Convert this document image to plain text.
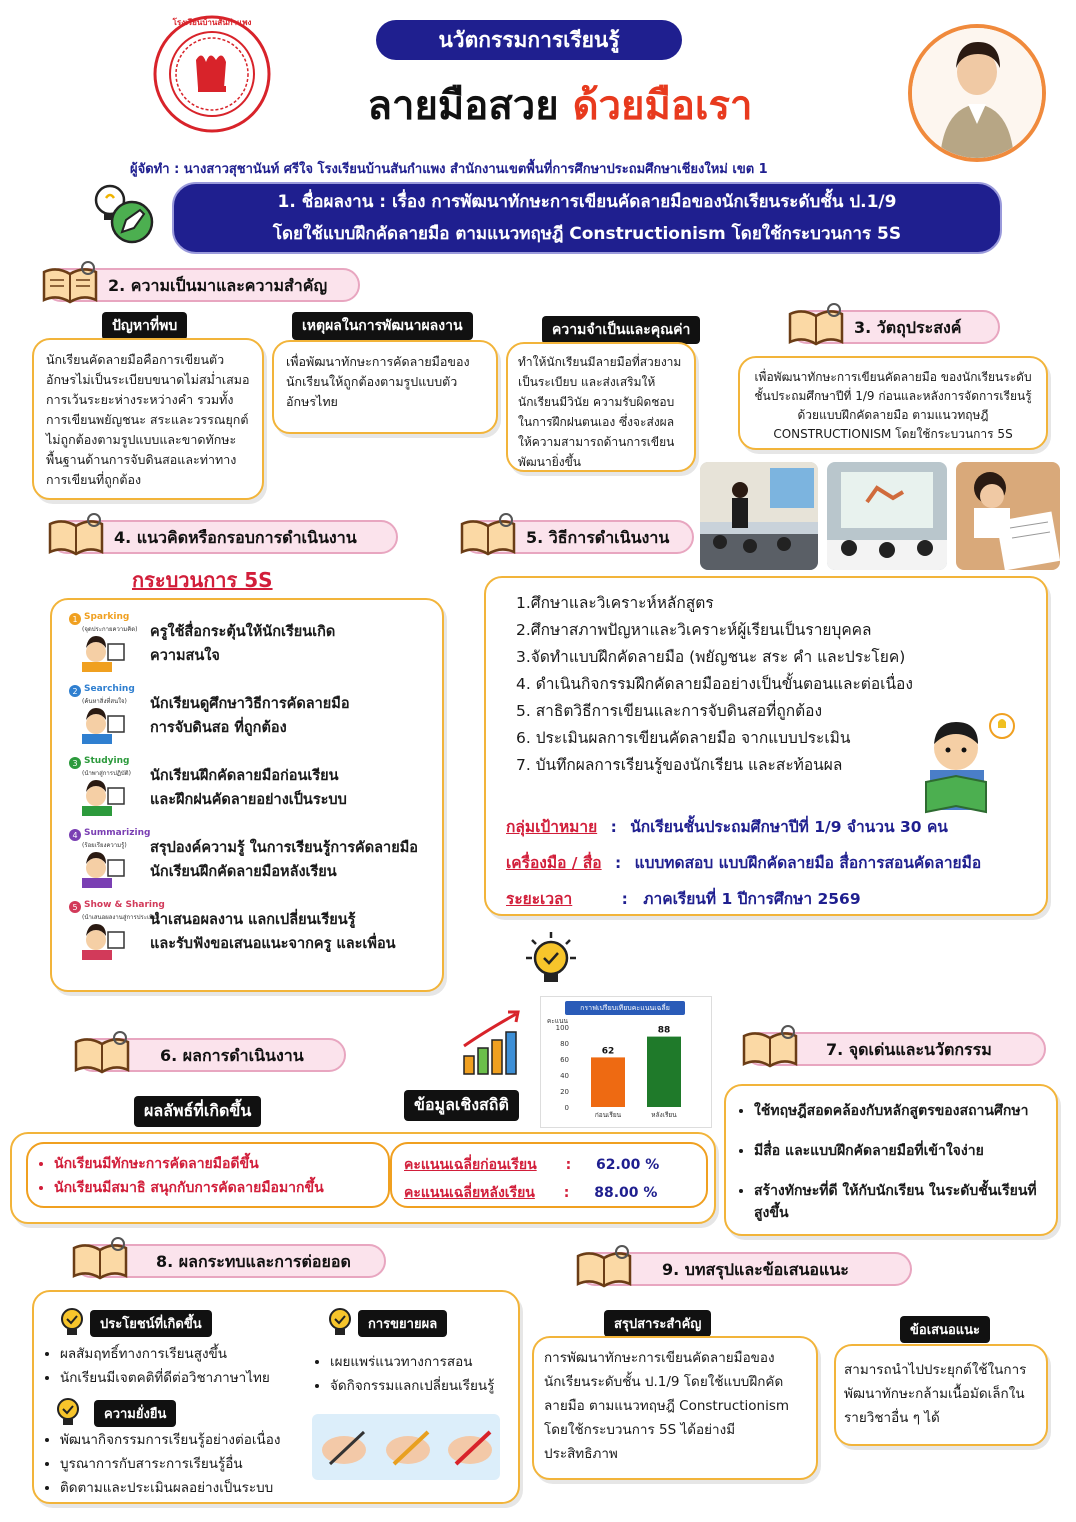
โรงเรียนบ้านสันกำแพง
นวัตกรรมการเรียนรู้
ลายมือสวย ด้วยมือเรา
ผู้จัดทำ : นางสาวสุชานันท์ ศรีใจ โรงเรียนบ้านสันกำแพง สำนักงานเขตพื้นที่การศึกษาประถมศึกษาเชียงใหม่ เขต 1
1. ชื่อผลงาน : เรื่อง การพัฒนาทักษะการเขียนคัดลายมือของนักเรียนระดับชั้น ป.1/9
โดยใช้แบบฝึกคัดลายมือ ตามแนวทฤษฎี Constructionism โดยใช้กระบวนการ 5S
2. ความเป็นมาและความสำคัญ
ปัญหาที่พบ
นักเรียนคัดลายมือคือการเขียนตัวอักษรไม่เป็นระเบียบขนาดไม่สม่ำเสมอ การเว้นระยะห่างระหว่างคำ รวมทั้งการเขียนพยัญชนะ สระและวรรณยุกต์ไม่ถูกต้องตามรูปแบบและขาดทักษะพื้นฐานด้านการจับดินสอและท่าทางการเขียนที่ถูกต้อง
เหตุผลในการพัฒนาผลงาน
เพื่อพัฒนาทักษะการคัดลายมือของนักเรียนให้ถูกต้องตามรูปแบบตัวอักษรไทย
ความจำเป็นและคุณค่า
ทำให้นักเรียนมีลายมือที่สวยงาม เป็นระเบียบ และส่งเสริมให้นักเรียนมีวินัย ความรับผิดชอบในการฝึกฝนตนเอง ซึ่งจะส่งผลให้ความสามารถด้านการเขียนพัฒนายิ่งขึ้น
3. วัตถุประสงค์
เพื่อพัฒนาทักษะการเขียนคัดลายมือ ของนักเรียนระดับชั้นประถมศึกษาปีที่ 1/9 ก่อนและหลังการจัดการเรียนรู้ด้วยแบบฝึกคัดลายมือ ตามแนวทฤษฎี CONSTRUCTIONISM โดยใช้กระบวนการ 5S
4. แนวคิดหรือกรอบการดำเนินงาน
กระบวนการ 5S
1 Sparking
(จุดประกายความคิด) ครูใช้สื่อกระตุ้นให้นักเรียนเกิด
ความสนใจ
2 Searching
(ค้นหาสิ่งที่สนใจ) นักเรียนดูศึกษาวิธีการคัดลายมือ
การจับดินสอ ที่ถูกต้อง
3 Studying
(นำพาสู่การปฏิบัติ) นักเรียนฝึกคัดลายมือก่อนเรียน
และฝึกฝนคัดลายอย่างเป็นระบบ
4 Summarizing
(ร้อยเรียงความรู้) สรุปองค์ความรู้ ในการเรียนรู้การคัดลายมือ
นักเรียนฝึกคัดลายมือหลังเรียน
5 Show & Sharing
(นำเสนอผลงานสู่การประเมิน)
นำเสนอผลงาน แลกเปลี่ยนเรียนรู้
และรับฟังขอเสนอแนะจากครู และเพื่อน
5. วิธีการดำเนินงาน
1.ศึกษาและวิเคราะห์หลักสูตร
2.ศึกษาสภาพปัญหาและวิเคราะห์ผู้เรียนเป็นรายบุคคล
3.จัดทำแบบฝึกคัดลายมือ (พยัญชนะ สระ คำ และประโยค)
4. ดำเนินกิจกรรมฝึกคัดลายมืออย่างเป็นขั้นตอนและต่อเนื่อง
5. สาธิตวิธีการเขียนและการจับดินสอที่ถูกต้อง
6. ประเมินผลการเขียนคัดลายมือ จากแบบประเมิน
7. บันทึกผลการเรียนรู้ของนักเรียน และสะท้อนผล
กลุ่มเป้าหมาย : นักเรียนชั้นประถมศึกษาปีที่ 1/9 จำนวน 30 คน
เครื่องมือ / สื่อ : แบบทดสอบ แบบฝึกคัดลายมือ สื่อการสอนคัดลายมือ
ระยะเวลา	: ภาคเรียนที่ 1 ปีการศึกษา 2569
6. ผลการดำเนินงาน
กราฟเปรียบเทียบคะแนนเฉลี่ย
คะแนน
0
20
40
60
80
100
62
ก่อนเรียน
88
หลังเรียน
ผลลัพธ์ที่เกิดขึ้น	ข้อมูลเชิงสถิติ
• นักเรียนมีทักษะการคัดลายมือดีขึ้น
• นักเรียนมีสมาธิ สนุกกับการคัดลายมือมากขึ้น
คะแนนเฉลี่ยก่อนเรียน : 62.00 %
คะแนนเฉลี่ยหลังเรียน : 88.00 %
7. จุดเด่นและนวัตกรรม
• ใช้ทฤษฎีสอดคล้องกับหลักสูตรของสถานศึกษา
• มีสื่อ และแบบฝึกคัดลายมือที่เข้าใจง่าย
• สร้างทักษะที่ดี ให้กับนักเรียน ในระดับชั้นเรียนที่สูงขึ้น
8. ผลกระทบและการต่อยอด
ประโยชน์ที่เกิดขึ้น
• ผลสัมฤทธิ์ทางการเรียนสูงขึ้น
• นักเรียนมีเจตคติที่ดีต่อวิชาภาษาไทย
การขยายผล
• เผยแพร่แนวทางการสอน
• จัดกิจกรรมแลกเปลี่ยนเรียนรู้
ความยั่งยืน
• พัฒนากิจกรรมการเรียนรู้อย่างต่อเนื่อง
• บูรณาการกับสาระการเรียนรู้อื่น
• ติดตามและประเมินผลอย่างเป็นระบบ
9. บทสรุปและข้อเสนอแนะ
สรุปสาระสำคัญ
การพัฒนาทักษะการเขียนคัดลายมือของนักเรียนระดับชั้น ป.1/9 โดยใช้แบบฝึกคัดลายมือ ตามแนวทฤษฎี Constructionism โดยใช้กระบวนการ 5S ได้อย่างมีประสิทธิภาพ
ข้อเสนอแนะ
สามารถนำไปประยุกต์ใช้ในการพัฒนาทักษะกล้ามเนื้อมัดเล็กในรายวิชาอื่น ๆ ได้
